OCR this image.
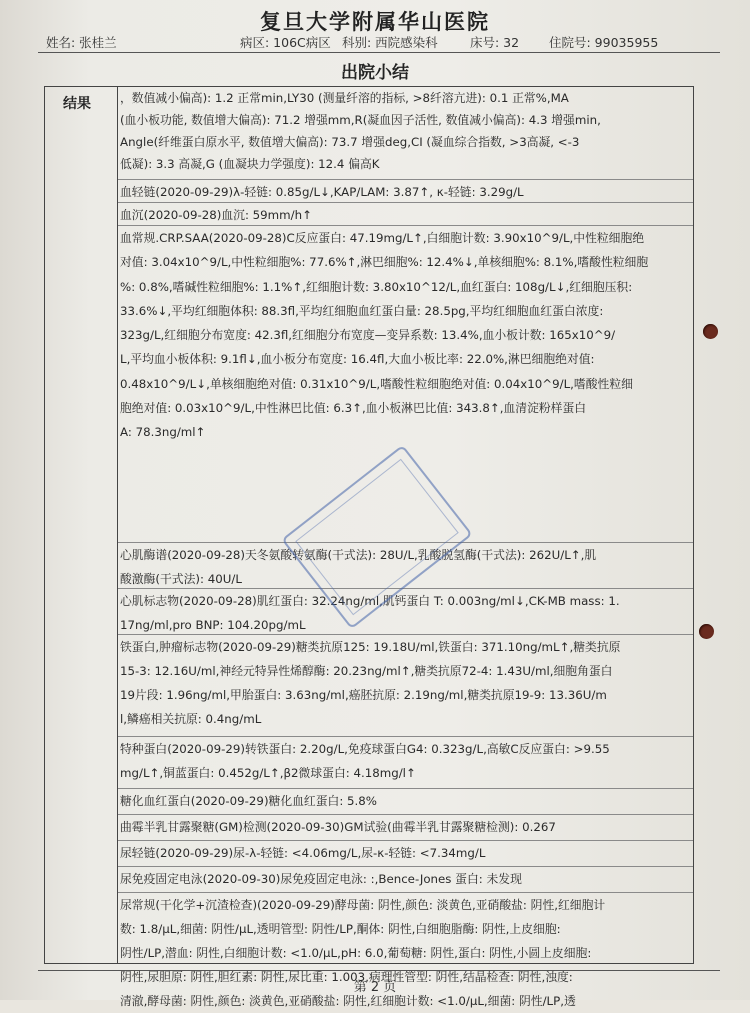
复旦大学附属华山医院
姓名: 张桂兰	病区: 106C病区 科别: 西院感染科	床号: 32 住院号: 99035955
出院小结
结果 ，数值减小偏高): 1.2 正常min,LY30 (测量纤溶的指标, >8纤溶亢进): 0.1 正常%,MA

(血小板功能, 数值增大偏高): 71.2 增强mm,R(凝血因子活性, 数值减小偏高): 4.3 增强min,

Angle(纤维蛋白原水平, 数值增大偏高): 73.7 增强deg,CI (凝血综合指数, >3高凝, <-3

低凝): 3.3 高凝,G (血凝块力学强度): 12.4 偏高K

血轻链(2020-09-29)λ-轻链: 0.85g/L↓,KAP/LAM: 3.87↑, κ-轻链: 3.29g/L

血沉(2020-09-28)血沉: 59mm/h↑

血常规.CRP.SAA(2020-09-28)C反应蛋白: 47.19mg/L↑,白细胞计数: 3.90x10^9/L,中性粒细胞绝

对值: 3.04x10^9/L,中性粒细胞%: 77.6%↑,淋巴细胞%: 12.4%↓,单核细胞%: 8.1%,嗜酸性粒细胞

%: 0.8%,嗜碱性粒细胞%: 1.1%↑,红细胞计数: 3.80x10^12/L,血红蛋白: 108g/L↓,红细胞压积:

33.6%↓,平均红细胞体积: 88.3fl,平均红细胞血红蛋白量: 28.5pg,平均红细胞血红蛋白浓度:

323g/L,红细胞分布宽度: 42.3fl,红细胞分布宽度—变异系数: 13.4%,血小板计数: 165x10^9/

L,平均血小板体积: 9.1fl↓,血小板分布宽度: 16.4fl,大血小板比率: 22.0%,淋巴细胞绝对值:

0.48x10^9/L↓,单核细胞绝对值: 0.31x10^9/L,嗜酸性粒细胞绝对值: 0.04x10^9/L,嗜酸性粒细

胞绝对值: 0.03x10^9/L,中性淋巴比值: 6.3↑,血小板淋巴比值: 343.8↑,血清淀粉样蛋白

A: 78.3ng/ml↑

心肌酶谱(2020-09-28)天冬氨酸转氨酶(干式法): 28U/L,乳酸脱氢酶(干式法): 262U/L↑,肌

酸激酶(干式法): 40U/L

心肌标志物(2020-09-28)肌红蛋白: 32.24ng/ml,肌钙蛋白 T: 0.003ng/ml↓,CK-MB mass: 1.

17ng/ml,pro BNP: 104.20pg/mL

铁蛋白,肿瘤标志物(2020-09-29)糖类抗原125: 19.18U/ml,铁蛋白: 371.10ng/mL↑,糖类抗原

15-3: 12.16U/ml,神经元特异性烯醇酶: 20.23ng/ml↑,糖类抗原72-4: 1.43U/ml,细胞角蛋白

19片段: 1.96ng/ml,甲胎蛋白: 3.63ng/ml,癌胚抗原: 2.19ng/ml,糖类抗原19-9: 13.36U/m

l,鳞癌相关抗原: 0.4ng/mL

特种蛋白(2020-09-29)转铁蛋白: 2.20g/L,免疫球蛋白G4: 0.323g/L,高敏C反应蛋白: >9.55

mg/L↑,铜蓝蛋白: 0.452g/L↑,β2微球蛋白: 4.18mg/l↑

糖化血红蛋白(2020-09-29)糖化血红蛋白: 5.8%

曲霉半乳甘露聚糖(GM)检测(2020-09-30)GM试验(曲霉半乳甘露聚糖检测): 0.267

尿轻链(2020-09-29)尿-λ-轻链: <4.06mg/L,尿-κ-轻链: <7.34mg/L

尿免疫固定电泳(2020-09-30)尿免疫固定电泳: :,Bence-Jones 蛋白: 未发现

尿常规(干化学+沉渣检查)(2020-09-29)酵母菌: 阴性,颜色: 淡黄色,亚硝酸盐: 阴性,红细胞计

数: 1.8/μL,细菌: 阴性/μL,透明管型: 阴性/LP,酮体: 阴性,白细胞脂酶: 阴性,上皮细胞:

阴性/LP,潜血: 阴性,白细胞计数: <1.0/μL,pH: 6.0,葡萄糖: 阴性,蛋白: 阴性,小圆上皮细胞:

阴性,尿胆原: 阴性,胆红素: 阴性,尿比重: 1.003,病理性管型: 阴性,结晶检查: 阴性,浊度:

清澈,酵母菌: 阴性,颜色: 淡黄色,亚硝酸盐: 阴性,红细胞计数: <1.0/μL,细菌: 阴性/LP,透

第 2 页
